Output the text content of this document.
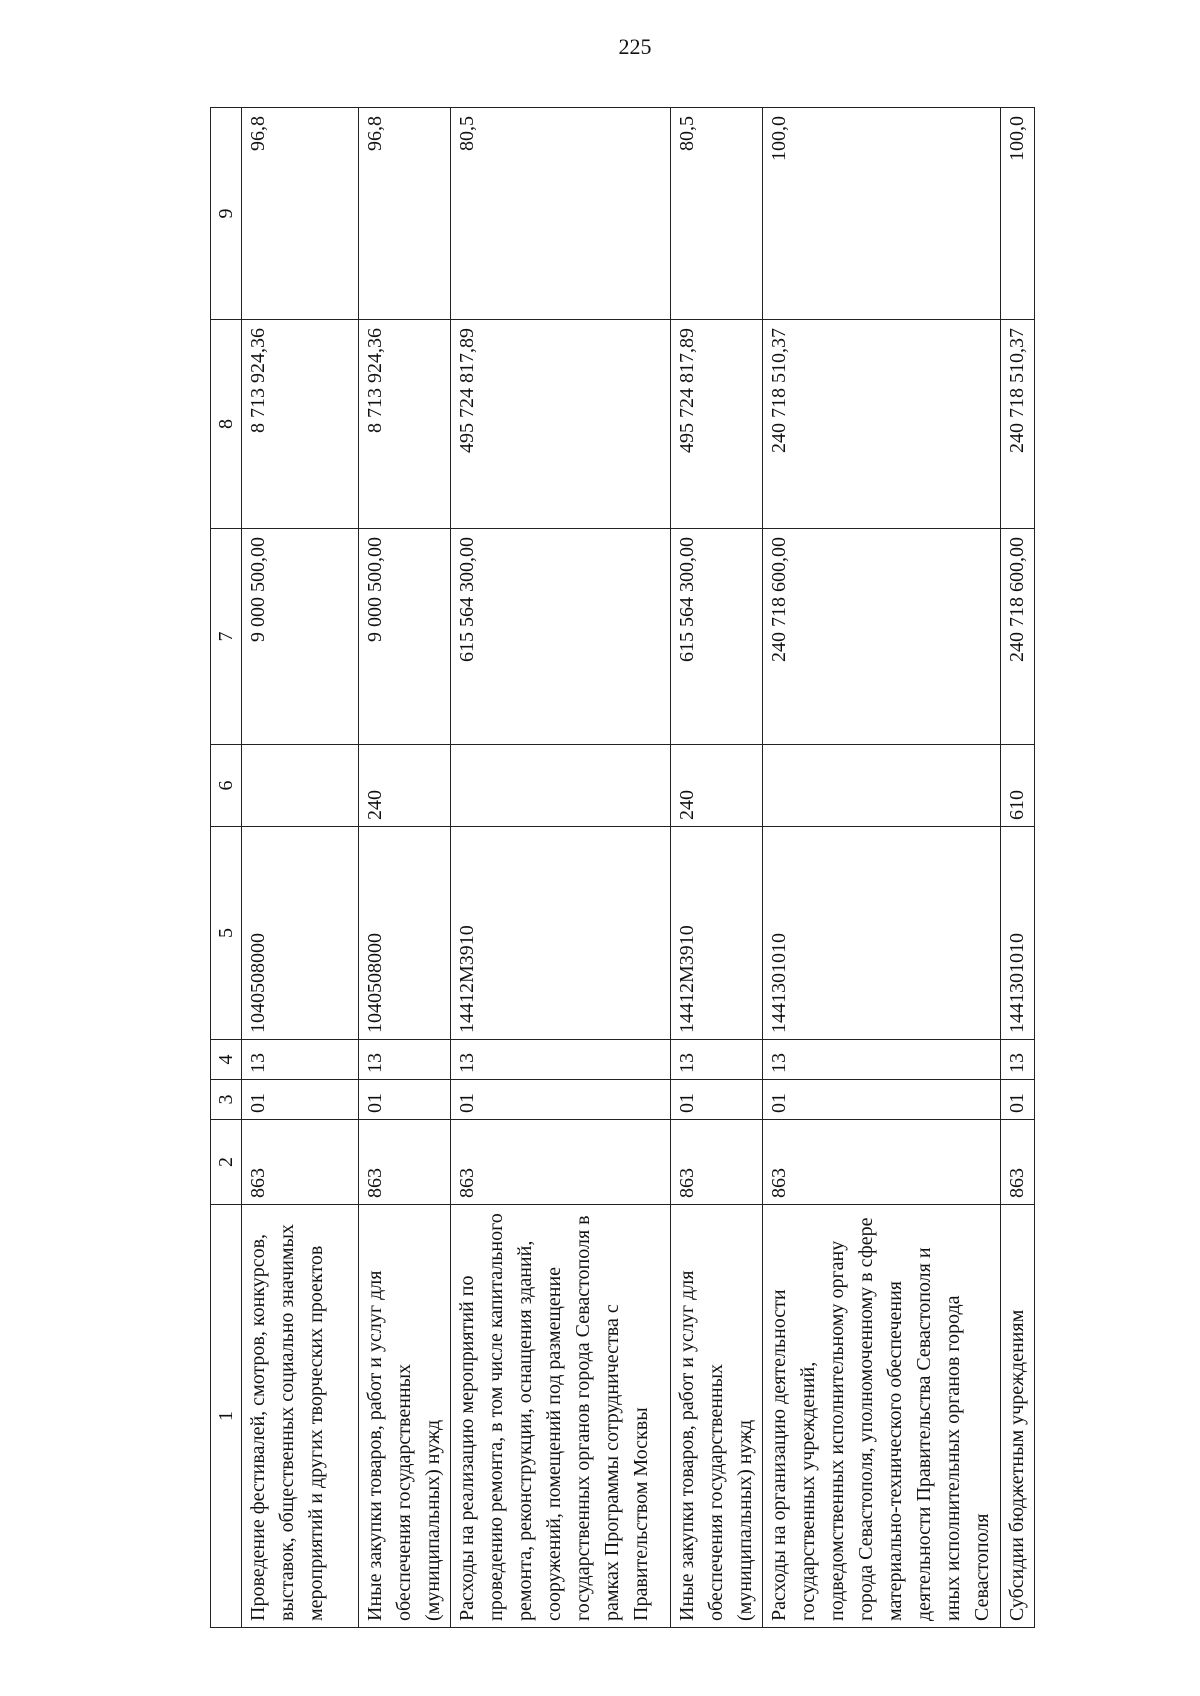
225
1	2	3	4	5	6	7	8	9
Проведение фестивалей, смотров, конкурсов, выставок, общественных социально значимых мероприятий и других творческих проектов	863	01	13	1040508000		9 000 500,00	8 713 924,36	96,8
Иные закупки товаров, работ и услуг для обеспечения государственных (муниципальных) нужд	863	01	13	1040508000	240	9 000 500,00	8 713 924,36	96,8
Расходы на реализацию мероприятий по проведению ремонта, в том числе капитального ремонта, реконструкции, оснащения зданий, сооружений, помещений под размещение государственных органов города Севастополя в рамках Программы сотрудничества с Правительством Москвы	863	01	13	14412M3910		615 564 300,00	495 724 817,89	80,5
Иные закупки товаров, работ и услуг для обеспечения государственных (муниципальных) нужд	863	01	13	14412M3910	240	615 564 300,00	495 724 817,89	80,5
Расходы на организацию деятельности государственных учреждений, подведомственных исполнительному органу города Севастополя, уполномоченному в сфере материально-технического обеспечения деятельности Правительства Севастополя и иных исполнительных органов города Севастополя	863	01	13	1441301010		240 718 600,00	240 718 510,37	100,0
Субсидии бюджетным учреждениям	863	01	13	1441301010	610	240 718 600,00	240 718 510,37	100,0
